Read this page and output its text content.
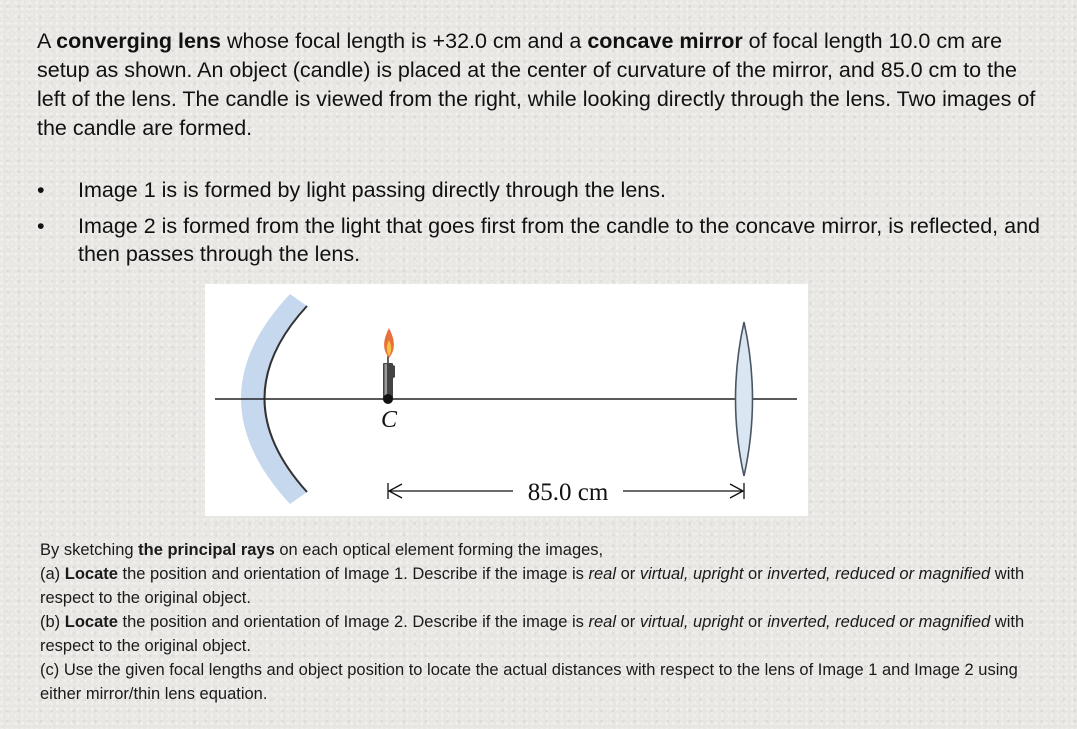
A converging lens whose focal length is +32.0 cm and a concave mirror of focal length 10.0 cm are setup as shown. An object (candle) is placed at the center of curvature of the mirror, and 85.0 cm to the left of the lens. The candle is viewed from the right, while looking directly through the lens. Two images of the candle are formed.

• Image 1 is is formed by light passing directly through the lens.
• Image 2 is formed from the light that goes first from the candle to the concave mirror, is reflected, and then passes through the lens.
C
85.0 cm

By sketching the principal rays on each optical element forming the images,

(a) Locate the position and orientation of Image 1. Describe if the image is real or virtual, upright or inverted, reduced or magnified with respect to the original object.

(b) Locate the position and orientation of Image 2. Describe if the image is real or virtual, upright or inverted, reduced or magnified with respect to the original object.

(c) Use the given focal lengths and object position to locate the actual distances with respect to the lens of Image 1 and Image 2 using either mirror/thin lens equation.
